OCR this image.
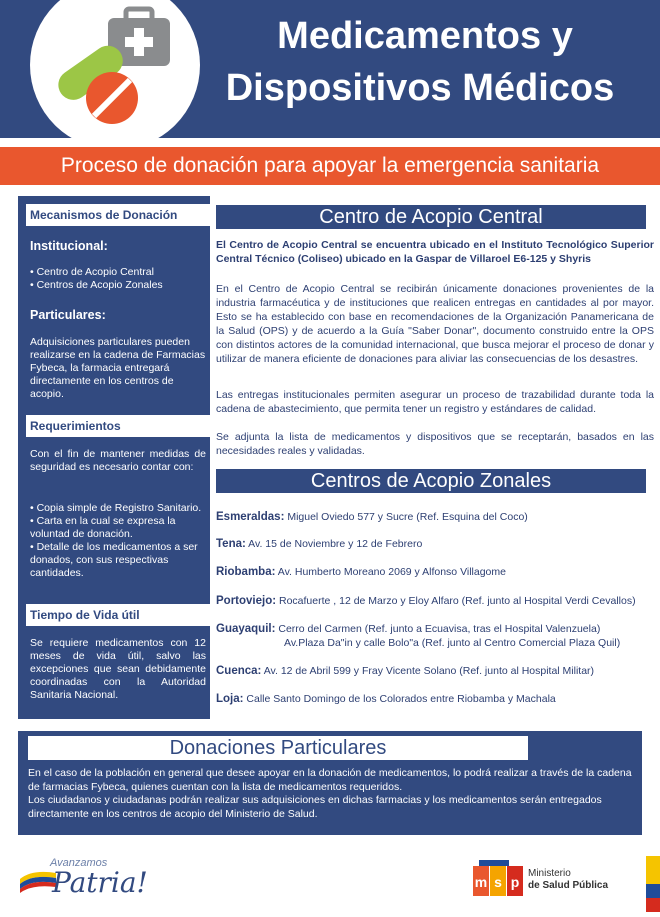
Medicamentos y
Dispositivos Médicos
Proceso de donación para apoyar la emergencia sanitaria
Mecanismos de Donación
Institucional:

• Centro de Acopio Central

• Centros de Acopio Zonales

Particulares:
Adquisiciones particulares pueden realizarse en la cadena de Farmacias Fybeca, la farmacia entregará directamente en los centros de acopio.
Requerimientos
Con el fin de mantener medidas de seguridad es necesario contar con:

• Copia simple de Registro Sanitario.

• Carta en la cual se expresa la voluntad de donación.

• Detalle de los medicamentos a ser donados, con sus respectivas cantidades.

Tiempo de Vida útil
Se requiere medicamentos con 12 meses de vida útil, salvo las excepciones que sean debidamente coordinadas con la Autoridad Sanitaria Nacional.
Centro de Acopio Central
El Centro de Acopio Central se encuentra ubicado en el Instituto Tecnológico Superior Central Técnico (Coliseo) ubicado en la Gaspar de Villaroel E6-125 y Shyris
En el Centro de Acopio Central se recibirán únicamente donaciones provenientes de la industria farmacéutica y de instituciones que realicen entregas en cantidades al por mayor. Esto se ha establecido con base en recomendaciones de la Organización Panamericana de la Salud (OPS) y de acuerdo a la Guía "Saber Donar", documento construido entre la OPS con distintos actores de la comunidad internacional, que busca mejorar el proceso de donar y utilizar de manera eficiente de donaciones para aliviar las consecuencias de los desastres.
Las entregas institucionales permiten asegurar un proceso de trazabilidad durante toda la cadena de abastecimiento, que permita tener un registro y estándares de calidad.
Se adjunta la lista de medicamentos y dispositivos que se receptarán, basados en las necesidades reales y validadas.
Centros de Acopio Zonales
Esmeraldas: Miguel Oviedo 577 y Sucre (Ref. Esquina del Coco)
Tena: Av. 15 de Noviembre y 12 de Febrero
Riobamba: Av. Humberto Moreano 2069 y Alfonso Villagome
Portoviejo: Rocafuerte , 12 de Marzo y Eloy Alfaro (Ref. junto al Hospital Verdi Cevallos)
Guayaquil: Cerro del Carmen (Ref. junto a Ecuavisa, tras el Hospital Valenzuela)
Av.Plaza Da"in y calle Bolo"a (Ref. junto al Centro Comercial Plaza Quil)
Cuenca: Av. 12 de Abril 599 y Fray Vicente Solano (Ref. junto al Hospital Militar)
Loja: Calle Santo Domingo de los Colorados entre Riobamba y Machala
Donaciones Particulares

En el caso de la población en general que desee apoyar en la donación de medicamentos, lo podrá realizar a través de la cadena de farmacias Fybeca, quienes cuentan con la lista de medicamentos requeridos.

Los ciudadanos y ciudadanas podrán realizar sus adquisiciones en dichas farmacias y los medicamentos serán entregados directamente en los centros de acopio del Ministerio de Salud.

Avanzamos
Patria!	m s p
Ministerio
de Salud Pública
